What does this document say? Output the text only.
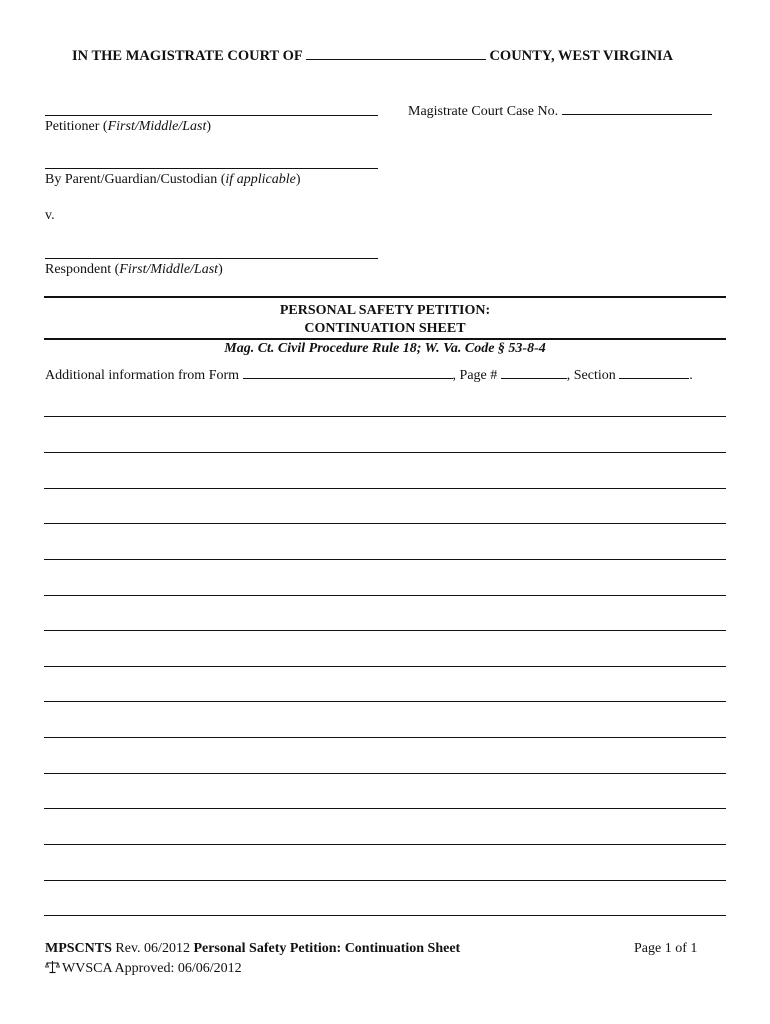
IN THE MAGISTRATE COURT OF	COUNTY, WEST VIRGINIA
Magistrate Court Case No.
Petitioner (First/Middle/Last)
By Parent/Guardian/Custodian (if applicable)
v.
Respondent (First/Middle/Last)
PERSONAL SAFETY PETITION:
CONTINUATION SHEET
Mag. Ct. Civil Procedure Rule 18; W. Va. Code § 53-8-4
Additional information from Form	, Page #	, Section	.
MPSCNTS Rev. 06/2012 Personal Safety Petition: Continuation Sheet	Page 1 of 1
WVSCA Approved: 06/06/2012
